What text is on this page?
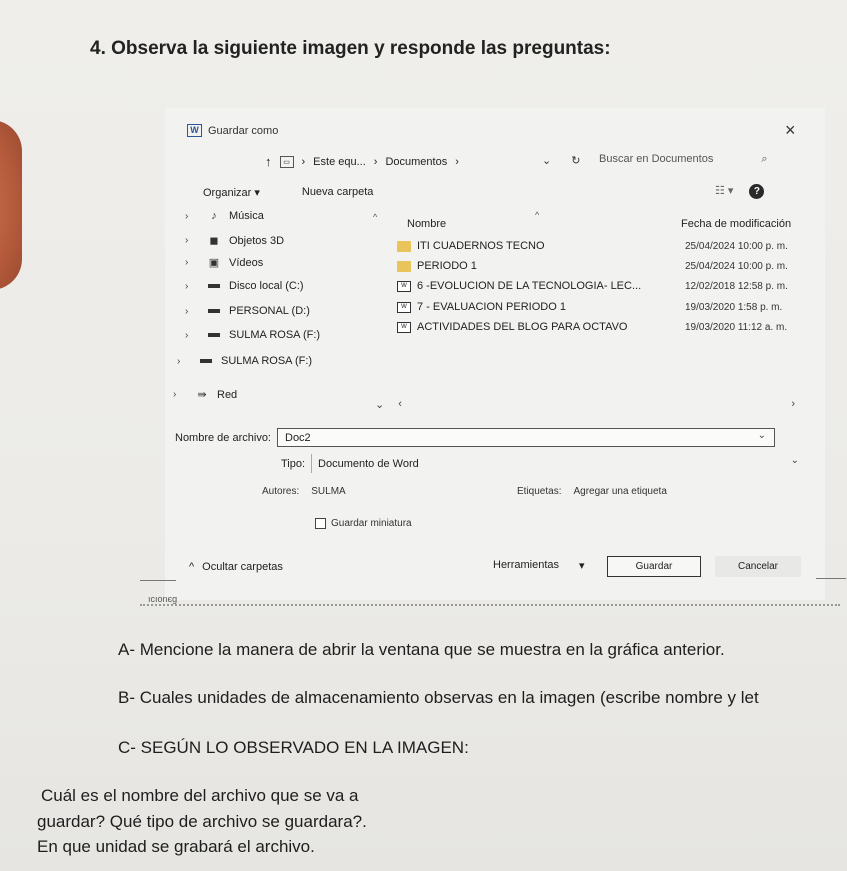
4. Observa la siguiente imagen y responde las preguntas:
W Guardar como	×
↑	▭	› Este equ... › Documentos ›	⌄ ↻ Buscar en Documentos	⌕
Organizar ▾	Nueva carpeta	☷ ▾	?
›	♪	Música
›	◼ Objetos 3D
›	▣ Vídeos
›	Disco local (C:)
›	PERSONAL (D:)
›	SULMA ROSA (F:)
›	SULMA ROSA (F:)
›	⇛ Red
^
Nombre
^
Fecha de modificación
ITI CUADERNOS TECNO	25/04/2024 10:00 p. m.
PERIODO 1	25/04/2024 10:00 p. m.
W 6 -EVOLUCION DE LA TECNOLOGIA- LEC...	12/02/2018 12:58 p. m.
W 7 - EVALUACION PERIODO 1	19/03/2020 1:58 p. m.
W ACTIVIDADES DEL BLOG PARA OCTAVO	19/03/2020 11:12 a. m.
⌄ ‹	›
Nombre de archivo: Doc2	⌄
Tipo: Documento de Word	⌄
Autores: SULMA	Etiquetas: Agregar una etiqueta
Guardar miniatura
^ Ocultar carpetas	Herramientas ▾	Guardar	Cancelar
ıcıonєg
A- Mencione la manera de abrir la ventana que se muestra en la gráfica anterior.
B- Cuales unidades de almacenamiento observas en la imagen (escribe nombre y let
C- SEGÚN LO OBSERVADO EN LA IMAGEN:
Cuál es el nombre del archivo que se va a
guardar? Qué tipo de archivo se guardara?.
En que unidad se grabará el archivo.
